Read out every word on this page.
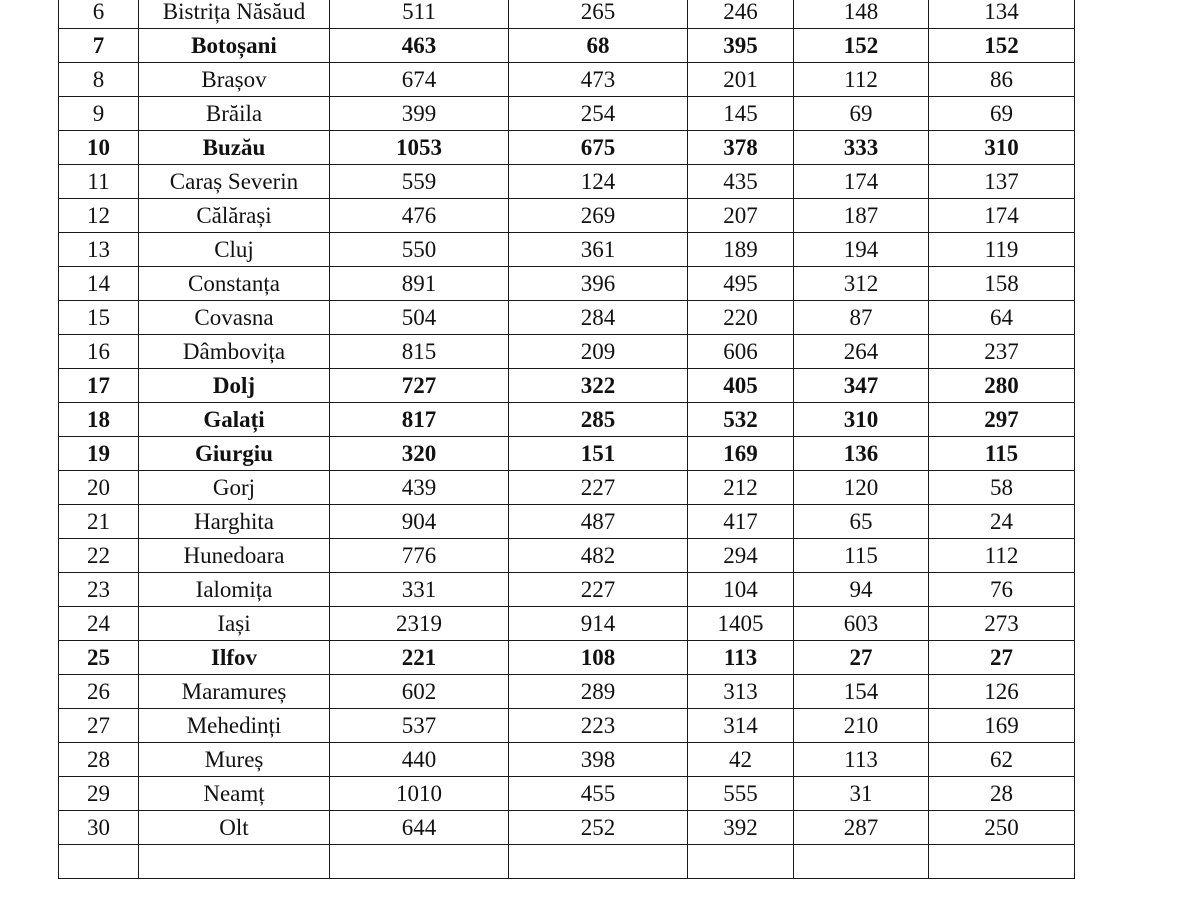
6	Bistrița Năsăud	511	265	246	148	134
7	Botoșani	463	68	395	152	152
8	Brașov	674	473	201	112	86
9	Brăila	399	254	145	69	69
10	Buzău	1053	675	378	333	310
11	Caraș Severin	559	124	435	174	137
12	Călărași	476	269	207	187	174
13	Cluj	550	361	189	194	119
14	Constanța	891	396	495	312	158
15	Covasna	504	284	220	87	64
16	Dâmbovița	815	209	606	264	237
17	Dolj	727	322	405	347	280
18	Galați	817	285	532	310	297
19	Giurgiu	320	151	169	136	115
20	Gorj	439	227	212	120	58
21	Harghita	904	487	417	65	24
22	Hunedoara	776	482	294	115	112
23	Ialomița	331	227	104	94	76
24	Iași	2319	914	1405	603	273
25	Ilfov	221	108	113	27	27
26	Maramureș	602	289	313	154	126
27	Mehedinți	537	223	314	210	169
28	Mureș	440	398	42	113	62
29	Neamț	1010	455	555	31	28
30	Olt	644	252	392	287	250
